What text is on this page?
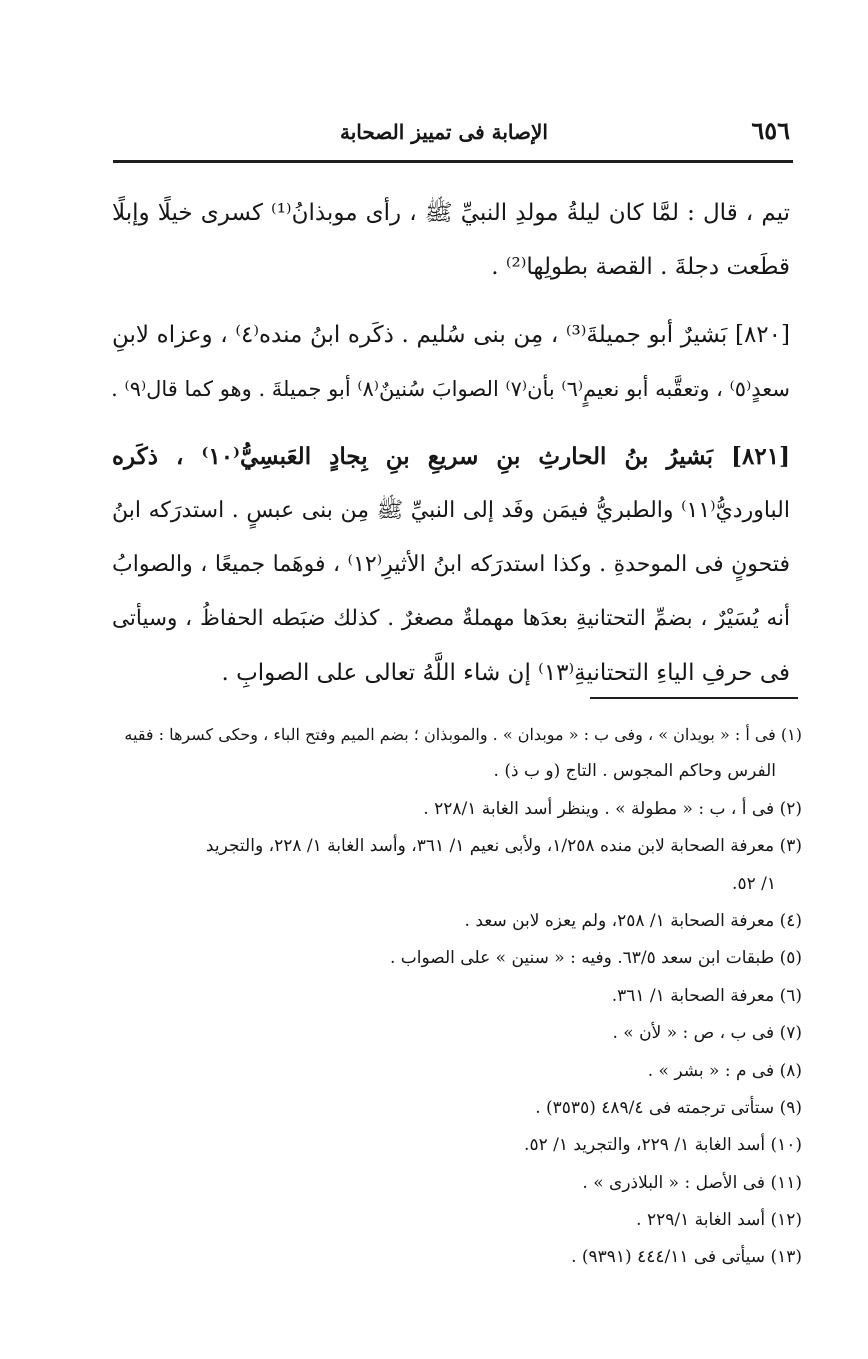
٦٥٦
الإصابة فى تمييز الصحابة
تيم ، قال : لمَّا كان ليلةُ مولدِ النبيِّ ﷺ ، رأى موبذانُ⁽¹⁾ كسرى خيلًا وإبلًا
قطَعت دجلةَ . القصة بطولِها⁽²⁾ .
[٨٢٠] بَشيرٌ أبو جميلةَ⁽³⁾ ، مِن بنى سُليم . ذكَره ابنُ منده⁽٤⁾ ، وعزاه لابنِ
سعدٍ⁽٥⁾ ، وتعقَّبه أبو نعيمٍ⁽٦⁾ بأن⁽٧⁾ الصوابَ سُنينٌ⁽٨⁾ أبو جميلةَ . وهو كما قال⁽٩⁾ .
[٨٢١] بَشيرُ بنُ الحارثِ بنِ سريعِ بنِ بِجادٍ العَبسِيُّ⁽١٠⁾ ، ذكَره
الباورديُّ⁽١١⁾ والطبريُّ فيمَن وفَد إلى النبيِّ ﷺ مِن بنى عبسٍ . استدرَكه ابنُ
فتحونٍ فى الموحدةِ . وكذا استدرَكه ابنُ الأثيرِ⁽١٢⁾ ، فوهَما جميعًا ، والصوابُ
أنه يُسَيْرٌ ، بضمِّ التحتانيةِ بعدَها مهملةٌ مصغرٌ . كذلك ضبَطه الحفاظُ ، وسيأتى
فى حرفِ الياءِ التحتانيةِ⁽١٣⁾ إن شاء اللَّهُ تعالى على الصوابِ .
(١) فى أ : « بويدان » ، وفى ب : « موبدان » . والموبذان ؛ بضم الميم وفتح الباء ، وحكى كسرها : فقيه
الفرس وحاكم المجوس . التاج (و ب ذ) .
(٢) فى أ ، ب : « مطولة » . وينظر أسد الغابة ٢٢٨/١ .
(٣) معرفة الصحابة لابن منده ١/٢٥٨، ولأبى نعيم ١/ ٣٦١، وأسد الغابة ١/ ٢٢٨، والتجريد
١/ ٥٢.
(٤) معرفة الصحابة ١/ ٢٥٨، ولم يعزه لابن سعد .
(٥) طبقات ابن سعد ٦٣/٥. وفيه : « سنين » على الصواب .
(٦) معرفة الصحابة ١/ ٣٦١.
(٧) فى ب ، ص : « لأن » .
(٨) فى م : « بشر » .
(٩) ستأتى ترجمته فى ٤٨٩/٤ (٣٥٣٥) .
(١٠) أسد الغابة ١/ ٢٢٩، والتجريد ١/ ٥٢.
(١١) فى الأصل : « البلاذرى » .
(١٢) أسد الغابة ٢٢٩/١ .
(١٣) سيأتى فى ٤٤٤/١١ (٩٣٩١) .
